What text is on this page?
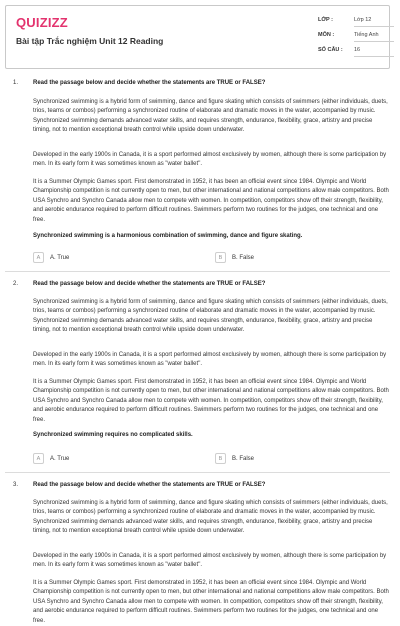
QUIZIZZ
Bài tập Trắc nghiệm Unit 12 Reading
LỚP :	Lớp 12
MÔN :	Tiếng Anh
SỐ CÂU : 16
1. Read the passage below and decide whether the statements are TRUE or FALSE?
Synchronized swimming is a hybrid form of swimming, dance and figure skating which consists of swimmers (either individuals, duets, trios, teams or combos) performing a synchronized routine of elaborate and dramatic moves in the water, accompanied by music. Synchronized swimming demands advanced water skills, and requires strength, endurance, flexibility, grace, artistry and precise timing, not to mention exceptional breath control while upside down underwater.
Developed in the early 1900s in Canada, it is a sport performed almost exclusively by women, although there is some participation by men. In its early form it was sometimes known as "water ballet".
It is a Summer Olympic Games sport. First demonstrated in 1952, it has been an official event since 1984. Olympic and World Championship competition is not currently open to men, but other international and national competitions allow male competitors. Both USA Synchro and Synchro Canada allow men to compete with women. In competition, competitors show off their strength, flexibility, and aerobic endurance required to perform difficult routines. Swimmers perform two routines for the judges, one technical and one free.
Synchronized swimming is a harmonious combination of swimming, dance and figure skating.
A	A. True	B	B. False
2. Read the passage below and decide whether the statements are TRUE or FALSE?
Synchronized swimming is a hybrid form of swimming, dance and figure skating which consists of swimmers (either individuals, duets, trios, teams or combos) performing a synchronized routine of elaborate and dramatic moves in the water, accompanied by music. Synchronized swimming demands advanced water skills, and requires strength, endurance, flexibility, grace, artistry and precise timing, not to mention exceptional breath control while upside down underwater.
Developed in the early 1900s in Canada, it is a sport performed almost exclusively by women, although there is some participation by men. In its early form it was sometimes known as "water ballet".
It is a Summer Olympic Games sport. First demonstrated in 1952, it has been an official event since 1984. Olympic and World Championship competition is not currently open to men, but other international and national competitions allow male competitors. Both USA Synchro and Synchro Canada allow men to compete with women. In competition, competitors show off their strength, flexibility, and aerobic endurance required to perform difficult routines. Swimmers perform two routines for the judges, one technical and one free.
Synchronized swimming requires no complicated skills.
A	A. True	B	B. False
3. Read the passage below and decide whether the statements are TRUE or FALSE?
Synchronized swimming is a hybrid form of swimming, dance and figure skating which consists of swimmers (either individuals, duets, trios, teams or combos) performing a synchronized routine of elaborate and dramatic moves in the water, accompanied by music. Synchronized swimming demands advanced water skills, and requires strength, endurance, flexibility, grace, artistry and precise timing, not to mention exceptional breath control while upside down underwater.
Developed in the early 1900s in Canada, it is a sport performed almost exclusively by women, although there is some participation by men. In its early form it was sometimes known as "water ballet".
It is a Summer Olympic Games sport. First demonstrated in 1952, it has been an official event since 1984. Olympic and World Championship competition is not currently open to men, but other international and national competitions allow male competitors. Both USA Synchro and Synchro Canada allow men to compete with women. In competition, competitors show off their strength, flexibility, and aerobic endurance required to perform difficult routines. Swimmers perform two routines for the judges, one technical and one free.
